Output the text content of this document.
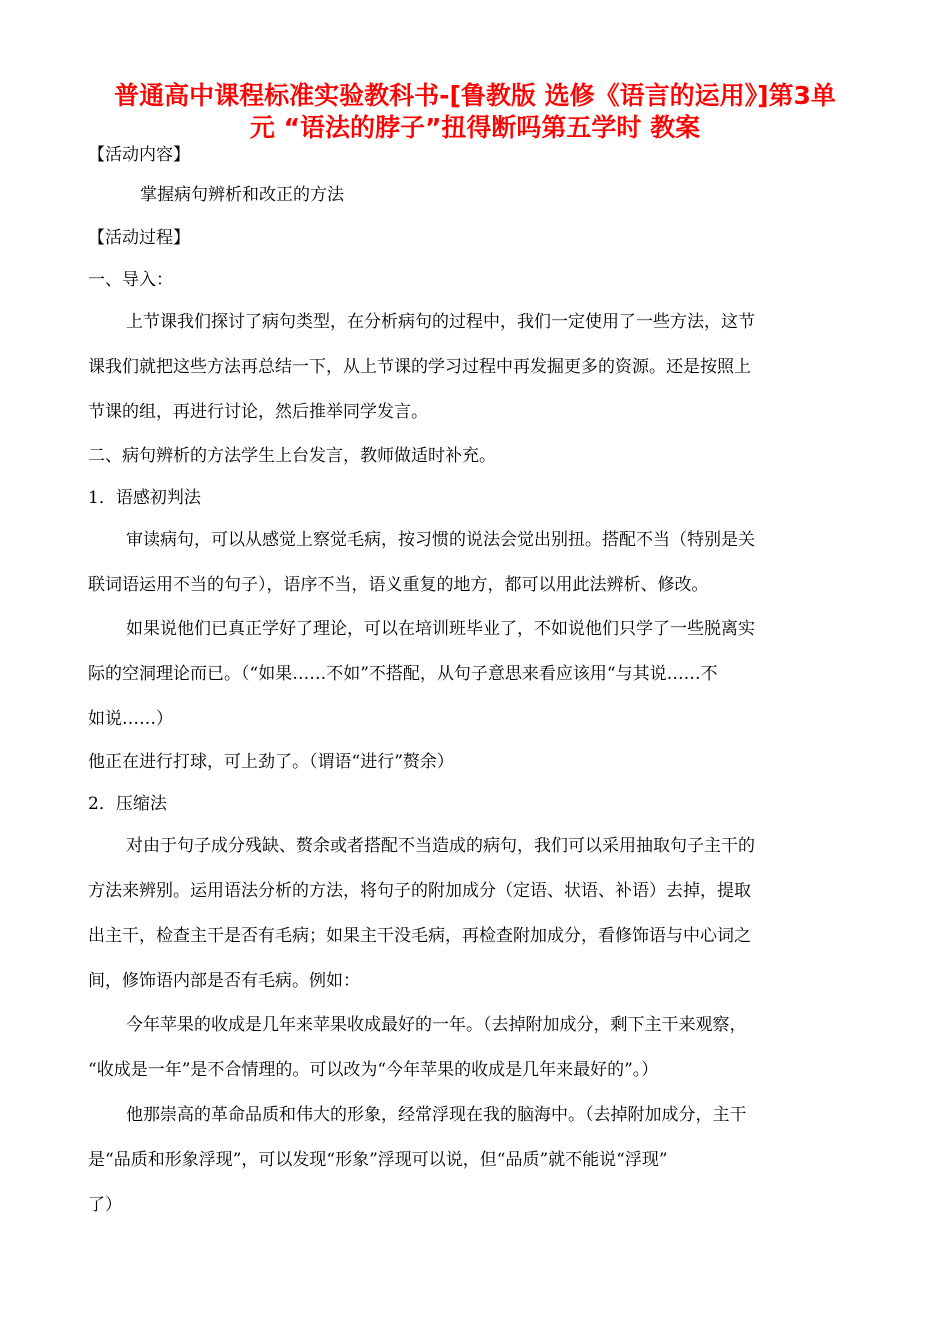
普通高中课程标准实验教科书-[鲁教版 选修《语言的运用》]第3单
元 “语法的脖子”扭得断吗第五学时 教案

【活动内容】

掌握病句辨析和改正的方法

【活动过程】

一、导入：

上节课我们探讨了病句类型，在分析病句的过程中，我们一定使用了一些方法，这节

课我们就把这些方法再总结一下，从上节课的学习过程中再发掘更多的资源。还是按照上

节课的组，再进行讨论，然后推举同学发言。

二、病句辨析的方法学生上台发言，教师做适时补充。

1．语感初判法

审读病句，可以从感觉上察觉毛病，按习惯的说法会觉出别扭。搭配不当（特别是关

联词语运用不当的句子），语序不当，语义重复的地方，都可以用此法辨析、修改。

如果说他们已真正学好了理论，可以在培训班毕业了，不如说他们只学了一些脱离实

际的空洞理论而已。（“如果……不如”不搭配，从句子意思来看应该用“与其说……不

如说……）

他正在进行打球，可上劲了。（谓语“进行”赘余）

2．压缩法

对由于句子成分残缺、赘余或者搭配不当造成的病句，我们可以采用抽取句子主干的

方法来辨别。运用语法分析的方法，将句子的附加成分（定语、状语、补语）去掉，提取

出主干，检查主干是否有毛病；如果主干没毛病，再检查附加成分，看修饰语与中心词之

间，修饰语内部是否有毛病。例如：

今年苹果的收成是几年来苹果收成最好的一年。（去掉附加成分，剩下主干来观察，

“收成是一年”是不合情理的。可以改为“今年苹果的收成是几年来最好的”。）

他那崇高的革命品质和伟大的形象，经常浮现在我的脑海中。（去掉附加成分，主干

是“品质和形象浮现”，可以发现“形象”浮现可以说，但“品质”就不能说“浮现”

了）
